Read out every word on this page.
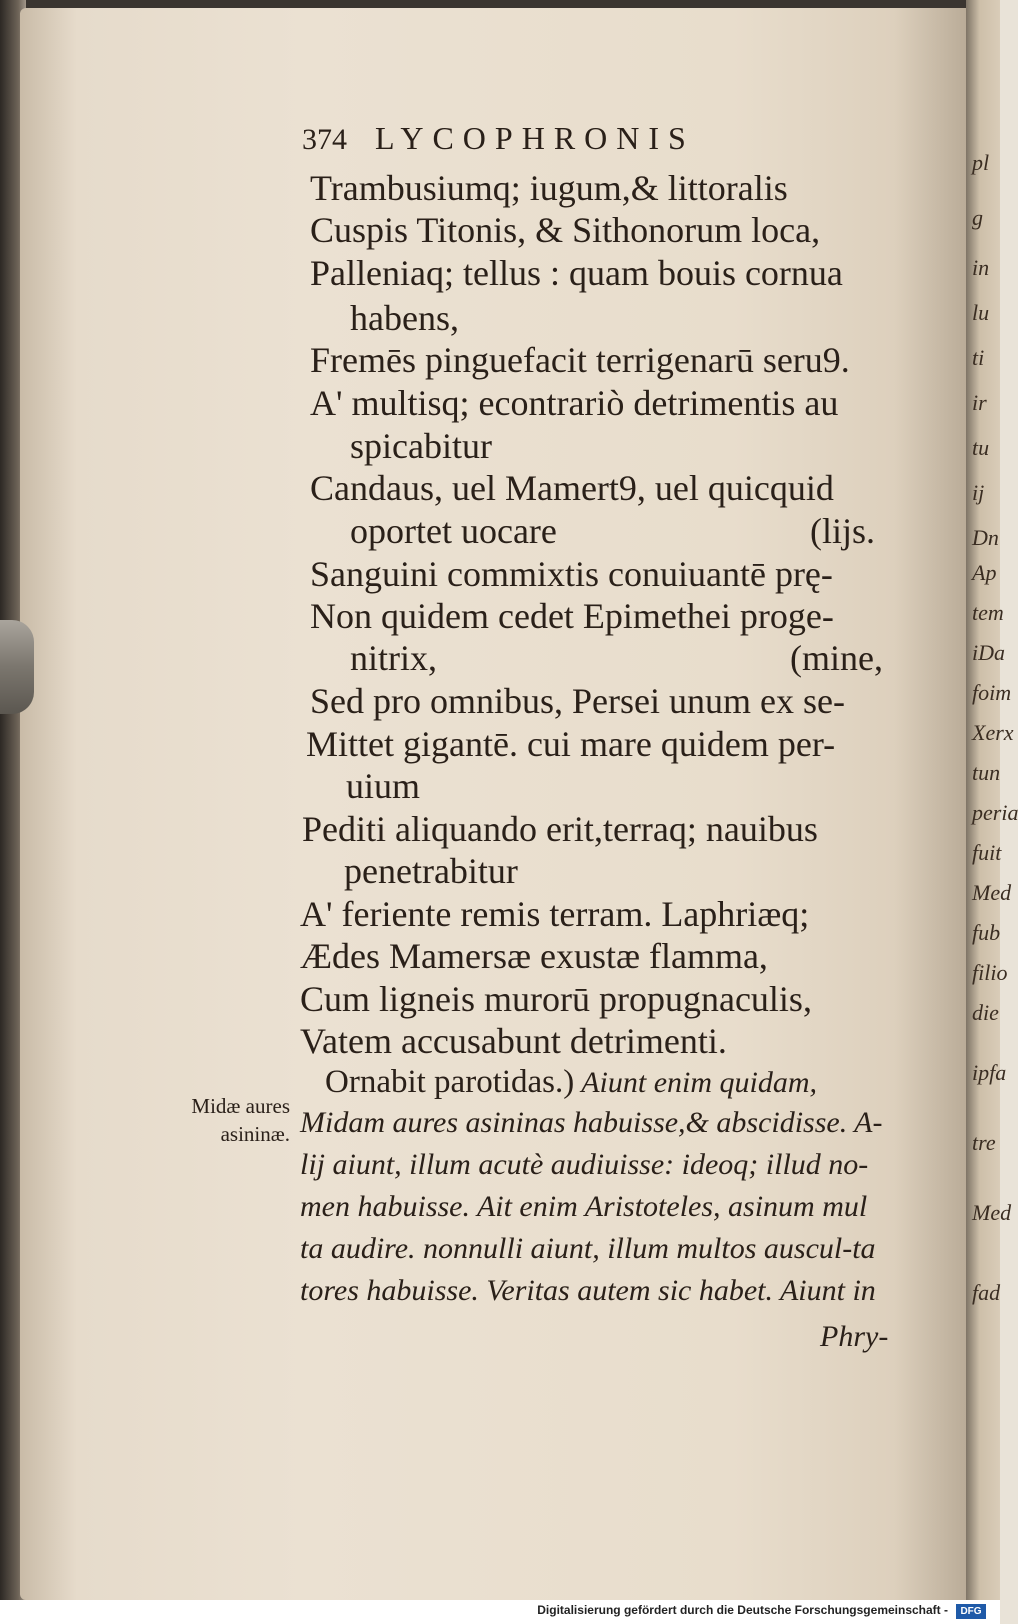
pl
g
in
lu
ti
ir
tu
ij
Dn
Ap
tem
iDa
foim
Xerx
tun
peria
fuit
Med
fub
filio
die
ipfa
tre
Med
fad

374 LYCOPHRONIS
Trambusiumq; iugum,& littoralis
Cuspis Titonis, & Sithonorum loca,
Palleniaq; tellus : quam bouis cornua
habens,
Fremēs pinguefacit terrigenarū seru9.
A' multisq; econtrariò detrimentis au
spicabitur
Candaus, uel Mamert9, uel quicquid
oportet uocare	(lijs.
Sanguini commixtis conuiuantē prę-
Non quidem cedet Epimethei proge-
nitrix,	(mine,
Sed pro omnibus, Persei unum ex se-
Mittet gigantē. cui mare quidem per-
uium
Pediti aliquando erit,terraq; nauibus
penetrabitur
A' feriente remis terram. Laphriæq;
Ædes Mamersæ exustæ flamma,
Cum ligneis murorū propugnaculis,
Vatem accusabunt detrimenti.
Ornabit parotidas.) Aiunt enim quidam,
Midam aures asininas habuisse,& abscidisse. A-
lij aiunt, illum acutè audiuisse: ideoq; illud no-
men habuisse. Ait enim Aristoteles, asinum mul
ta audire. nonnulli aiunt, illum multos auscul-ta
tores habuisse. Veritas autem sic habet. Aiunt in
Phry-
Midæ aures
asininæ.
Digitalisierung gefördert durch die Deutsche Forschungsgemeinschaft -	DFG
